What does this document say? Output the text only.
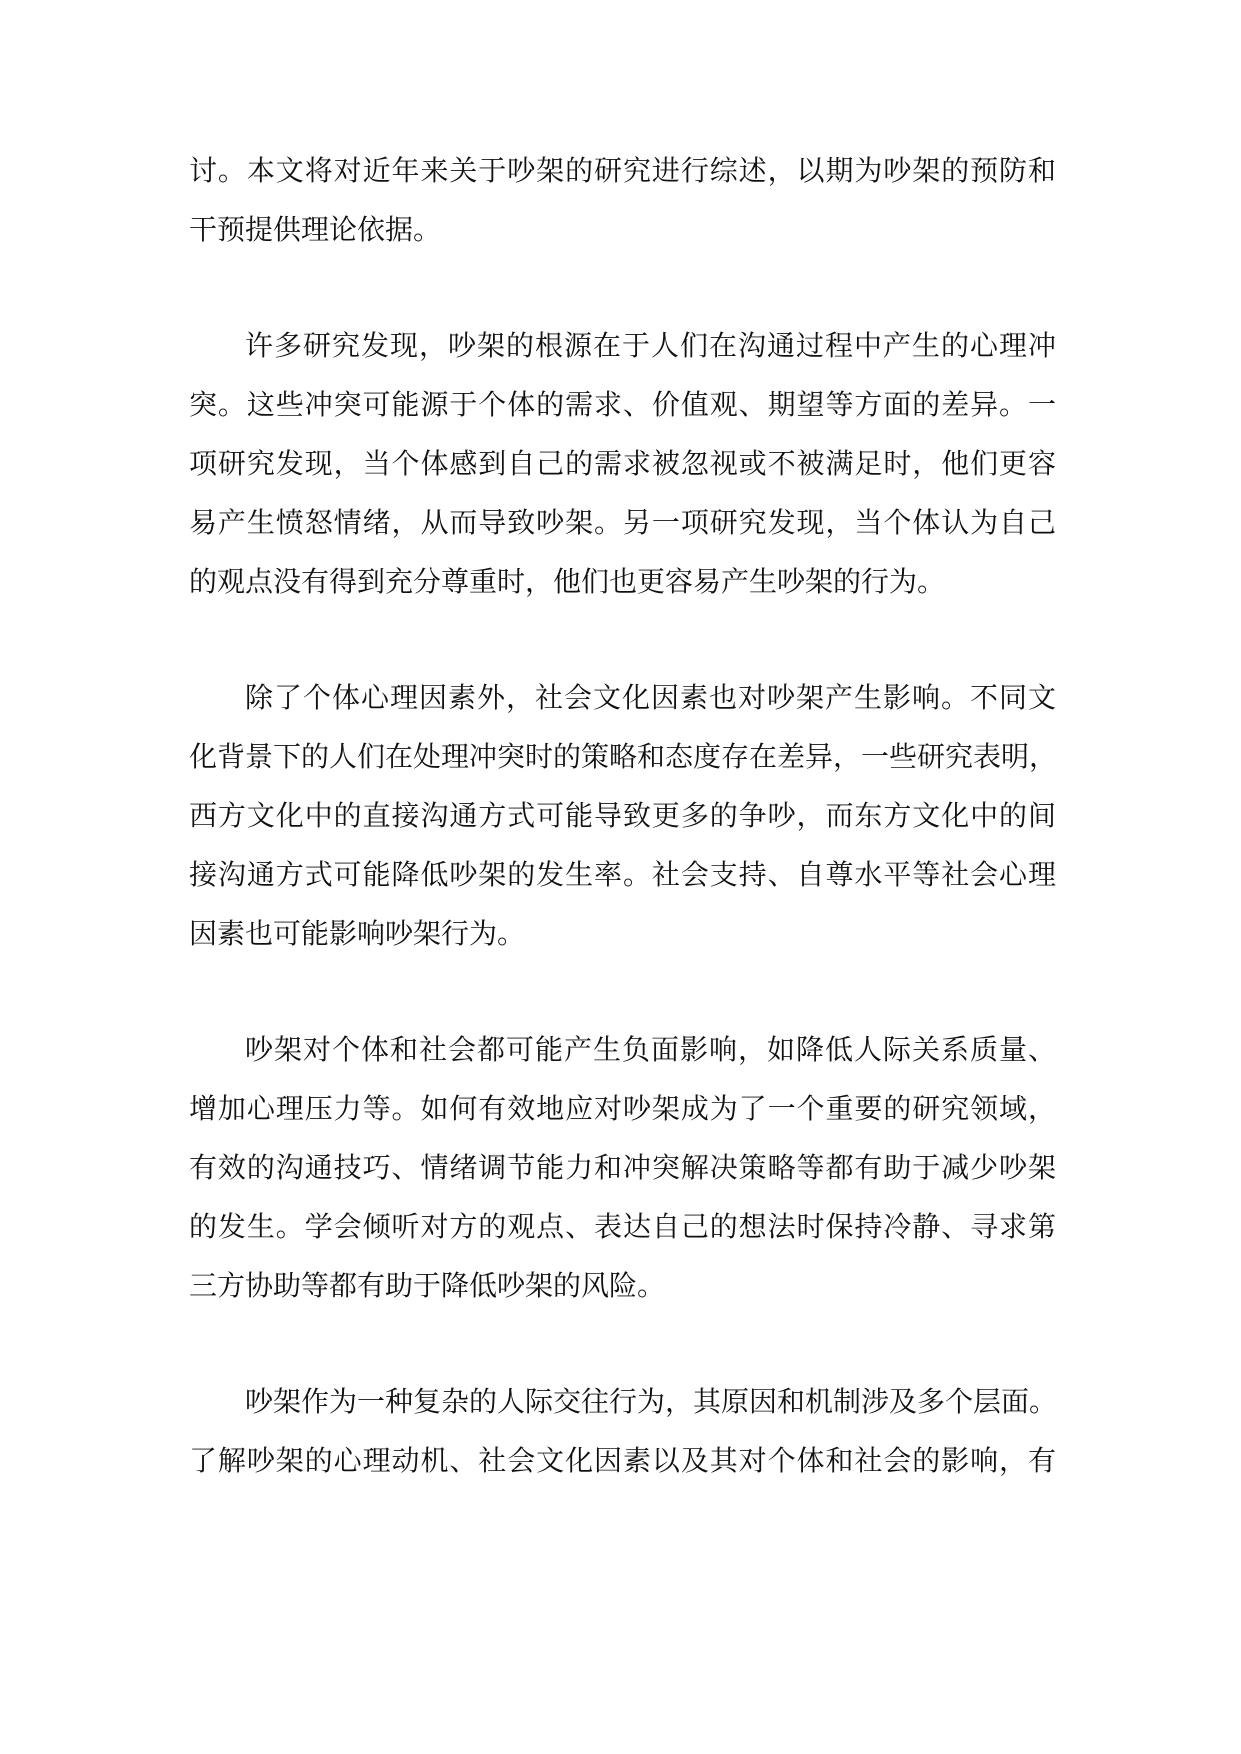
讨。本文将对近年来关于吵架的研究进行综述，以期为吵架的预防和
干预提供理论依据。
许多研究发现，吵架的根源在于人们在沟通过程中产生的心理冲
突。这些冲突可能源于个体的需求、价值观、期望等方面的差异。一
项研究发现，当个体感到自己的需求被忽视或不被满足时，他们更容
易产生愤怒情绪，从而导致吵架。另一项研究发现，当个体认为自己
的观点没有得到充分尊重时，他们也更容易产生吵架的行为。
除了个体心理因素外，社会文化因素也对吵架产生影响。不同文
化背景下的人们在处理冲突时的策略和态度存在差异，一些研究表明，
西方文化中的直接沟通方式可能导致更多的争吵，而东方文化中的间
接沟通方式可能降低吵架的发生率。社会支持、自尊水平等社会心理
因素也可能影响吵架行为。
吵架对个体和社会都可能产生负面影响，如降低人际关系质量、
增加心理压力等。如何有效地应对吵架成为了一个重要的研究领域，
有效的沟通技巧、情绪调节能力和冲突解决策略等都有助于减少吵架
的发生。学会倾听对方的观点、表达自己的想法时保持冷静、寻求第
三方协助等都有助于降低吵架的风险。
吵架作为一种复杂的人际交往行为，其原因和机制涉及多个层面。
了解吵架的心理动机、社会文化因素以及其对个体和社会的影响，有
